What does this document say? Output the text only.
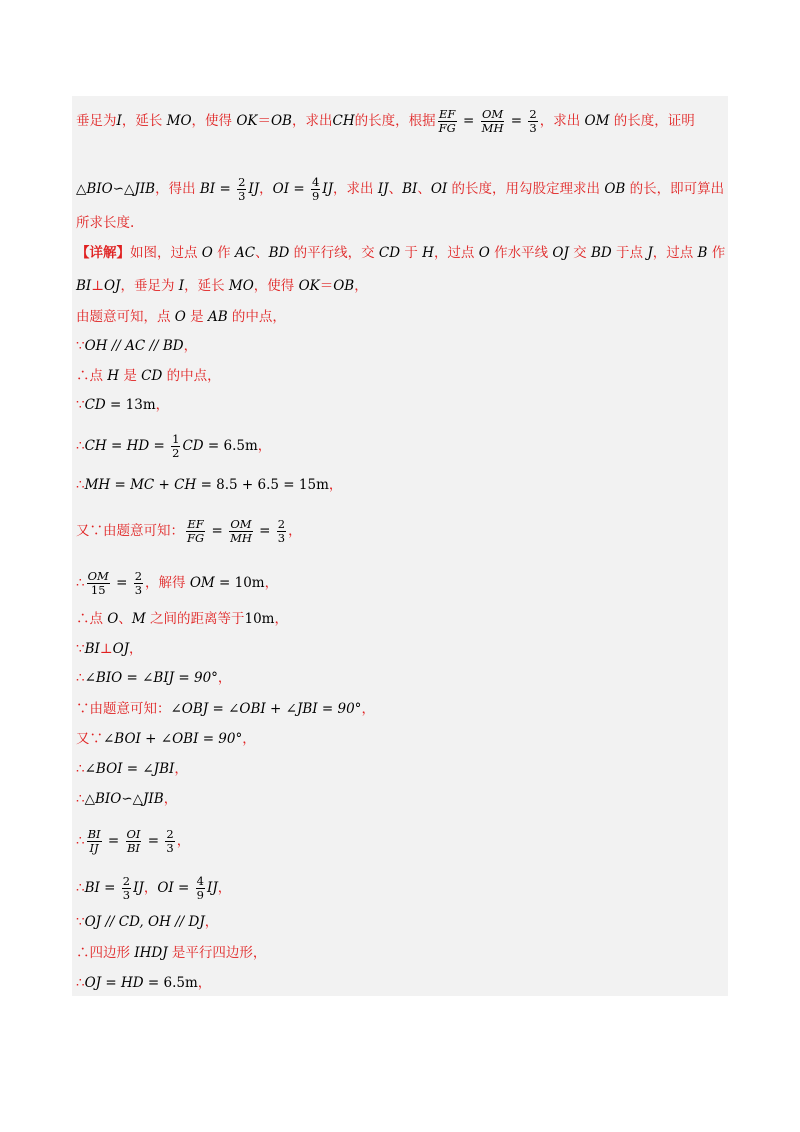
垂足为I，延长 MO，使得 OK＝OB，求出CH的长度，根据 $\frac{EF}{FG} = \frac{OM}{MH} = \frac{2}{3}$ ，求出 OM 的长度，证明
△BIO∽△JIB，得出 BI = $\frac{2}{3}$ IJ，OI = $\frac{4}{9}$ IJ，求出 IJ、BI、OI 的长度，用勾股定理求出 OB 的长，即可算出
所求长度.
【详解】如图，过点 O 作 AC、BD 的平行线，交 CD 于 H，过点 O 作水平线 OJ 交 BD 于点 J，过点 B 作
BI⊥OJ，垂足为 I，延长 MO，使得 OK＝OB，
由题意可知，点 O 是 AB 的中点，
∵OH // AC // BD，
∴点 H 是 CD 的中点，
∵CD = 13m，
∴CH = HD = $\frac{1}{2}$ CD = 6.5m，
∴MH = MC + CH = 8.5 + 6.5 = 15m，
又∵由题意可知： $\frac{EF}{FG} = \frac{OM}{MH} = \frac{2}{3}$ ，
∴ $\frac{OM}{15} = \frac{2}{3}$ ，解得 OM = 10m，
∴点 O、M 之间的距离等于10m，
∵BI⊥OJ，
∴∠BIO = ∠BIJ = 90°，
∵由题意可知：∠OBJ = ∠OBI + ∠JBI = 90°，
又∵∠BOI + ∠OBI = 90°，
∴∠BOI = ∠JBI，
∴△BIO∽△JIB，
∴ $\frac{BI}{IJ} = \frac{OI}{BI} = \frac{2}{3}$ ，
∴BI = $\frac{2}{3}$ IJ，OI = $\frac{4}{9}$ IJ，
∵OJ // CD, OH // DJ，
∴四边形 IHDJ 是平行四边形，
∴OJ = HD = 6.5m，
